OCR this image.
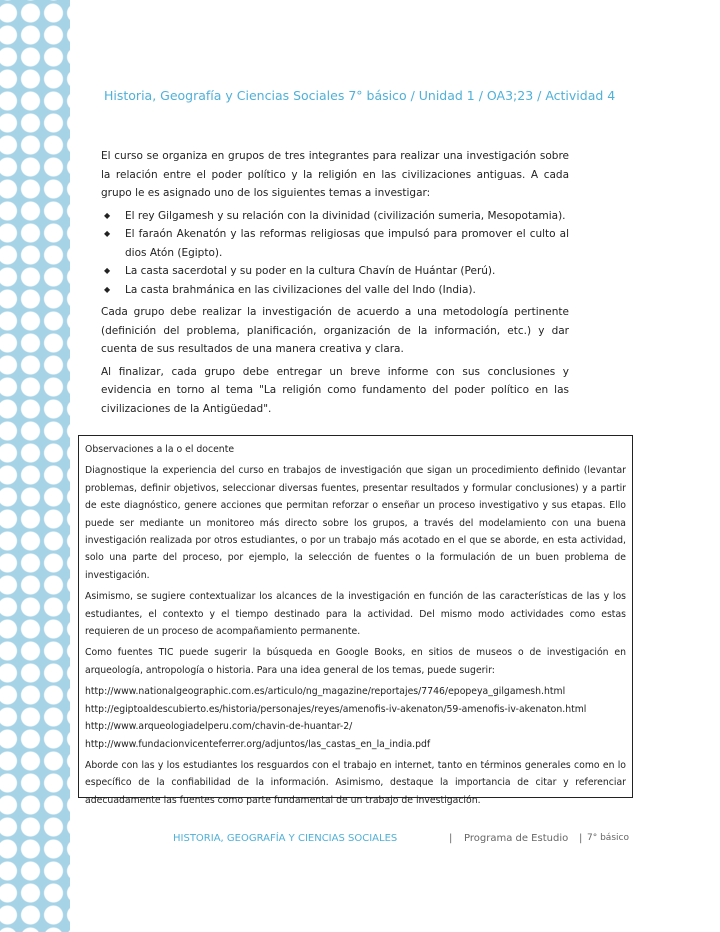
Historia, Geografía y Ciencias Sociales 7° básico / Unidad 1 / OA3;23 / Actividad 4

El curso se organiza en grupos de tres integrantes para realizar una investigación sobre la relación entre el poder político y la religión en las civilizaciones antiguas. A cada grupo le es asignado uno de los siguientes temas a investigar:

◆ El rey Gilgamesh y su relación con la divinidad (civilización sumeria, Mesopotamia).
◆ El faraón Akenatón y las reformas religiosas que impulsó para promover el culto al dios Atón (Egipto).
◆ La casta sacerdotal y su poder en la cultura Chavín de Huántar (Perú).
◆ La casta brahmánica en las civilizaciones del valle del Indo (India).

Cada grupo debe realizar la investigación de acuerdo a una metodología pertinente (definición del problema, planificación, organización de la información, etc.) y dar cuenta de sus resultados de una manera creativa y clara.

Al finalizar, cada grupo debe entregar un breve informe con sus conclusiones y evidencia en torno al tema "La religión como fundamento del poder político en las civilizaciones de la Antigüedad".

Observaciones a la o el docente

Diagnostique la experiencia del curso en trabajos de investigación que sigan un procedimiento definido (levantar problemas, definir objetivos, seleccionar diversas fuentes, presentar resultados y formular conclusiones) y a partir de este diagnóstico, genere acciones que permitan reforzar o enseñar un proceso investigativo y sus etapas. Ello puede ser mediante un monitoreo más directo sobre los grupos, a través del modelamiento con una buena investigación realizada por otros estudiantes, o por un trabajo más acotado en el que se aborde, en esta actividad, solo una parte del proceso, por ejemplo, la selección de fuentes o la formulación de un buen problema de investigación.

Asimismo, se sugiere contextualizar los alcances de la investigación en función de las características de las y los estudiantes, el contexto y el tiempo destinado para la actividad. Del mismo modo actividades como estas requieren de un proceso de acompañamiento permanente.

Como fuentes TIC puede sugerir la búsqueda en Google Books, en sitios de museos o de investigación en arqueología, antropología o historia. Para una idea general de los temas, puede sugerir:

http://www.nationalgeographic.com.es/articulo/ng_magazine/reportajes/7746/epopeya_gilgamesh.html

http://egiptoaldescubierto.es/historia/personajes/reyes/amenofis-iv-akenaton/59-amenofis-iv-akenaton.html

http://www.arqueologiadelperu.com/chavin-de-huantar-2/

http://www.fundacionvicenteferrer.org/adjuntos/las_castas_en_la_india.pdf

Aborde con las y los estudiantes los resguardos con el trabajo en internet, tanto en términos generales como en lo específico de la confiabilidad de la información. Asimismo, destaque la importancia de citar y referenciar adecuadamente las fuentes como parte fundamental de un trabajo de investigación.

HISTORIA, GEOGRAFÍA Y CIENCIAS SOCIALES	| Programa de Estudio | 7° básico
